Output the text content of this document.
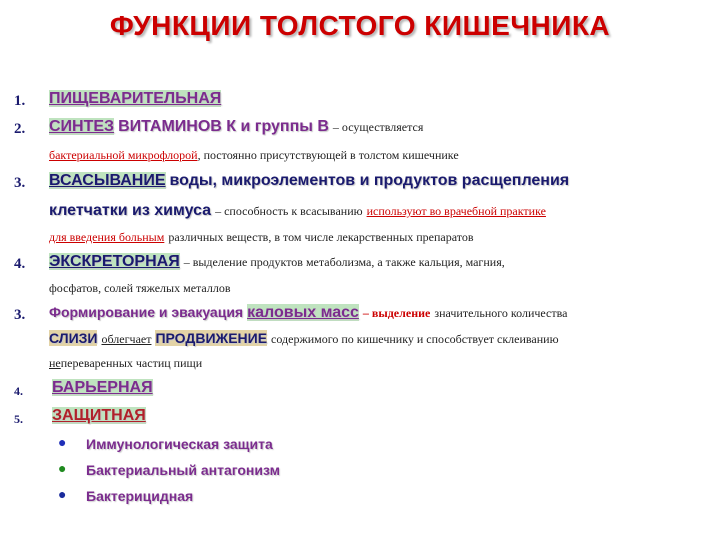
ФУНКЦИИ ТОЛСТОГО КИШЕЧНИКА
1. ПИЩЕВАРИТЕЛЬНАЯ
2. СИНТЕЗ ВИТАМИНОВ К и группы В – осуществляется
бактериальной микрофлорой, постоянно присутствующей в толстом кишечнике
3. ВСАСЫВАНИЕ воды, микроэлементов и продуктов расщепления
клетчатки из химуса – способность к всасыванию используют во врачебной практике
для введения больным различных веществ, в том числе лекарственных препаратов
4. ЭКСКРЕТОРНАЯ – выделение продуктов метаболизма, а также кальция, магния,
фосфатов, солей тяжелых металлов
3. Формирование и эвакуация каловых масс – выделение значительного количества
СЛИЗИ облегчает ПРОДВИЖЕНИЕ содержимого по кишечнику и способствует склеиванию
непереваренных частиц пищи
4. БАРЬЕРНАЯ
5. ЗАЩИТНАЯ
● Иммунологическая защита
● Бактериальный антагонизм
● Бактерицидная
